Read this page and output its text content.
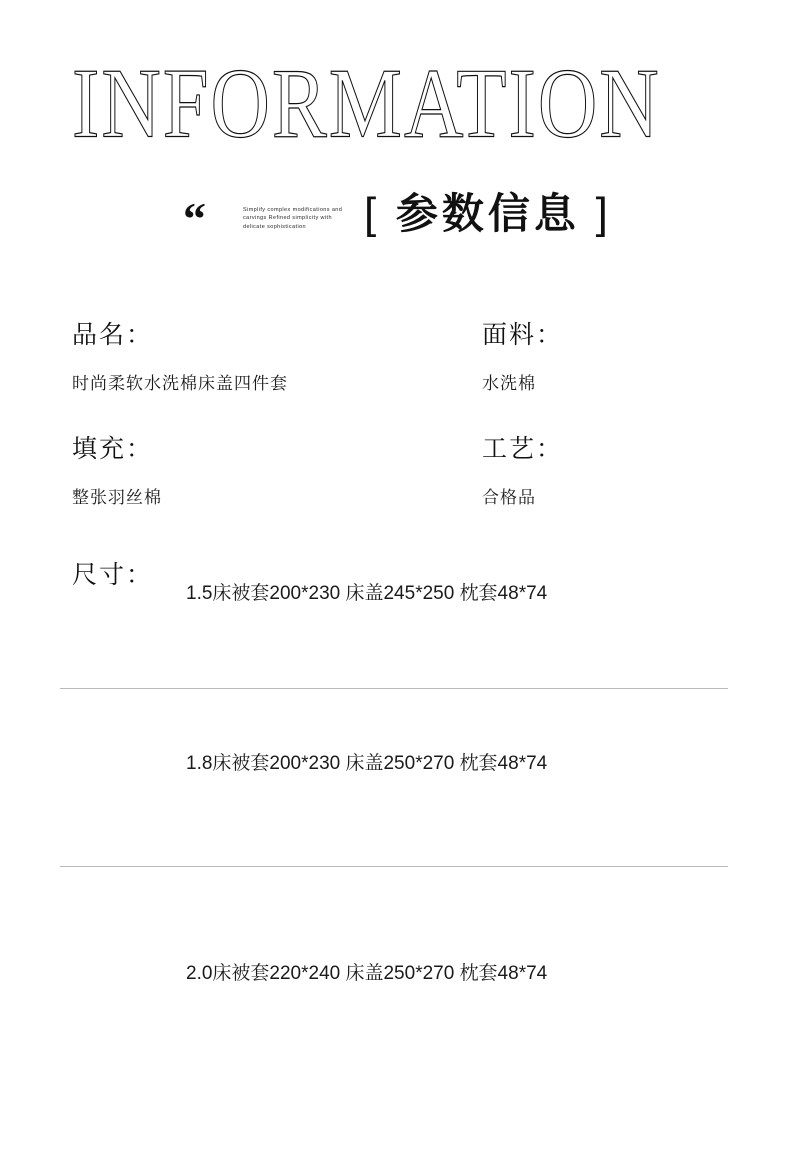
INFORMATION
“	Simplify complex modifications and carvings Refined simplicity with delicate sophistication	[ 参数信息 ]
品名：
时尚柔软水洗棉床盖四件套
面料：
水洗棉
填充：
整张羽丝棉
工艺：
合格品
尺寸：
1.5床被套200*230 床盖245*250 枕套48*74
1.8床被套200*230 床盖250*270 枕套48*74
2.0床被套220*240 床盖250*270 枕套48*74
